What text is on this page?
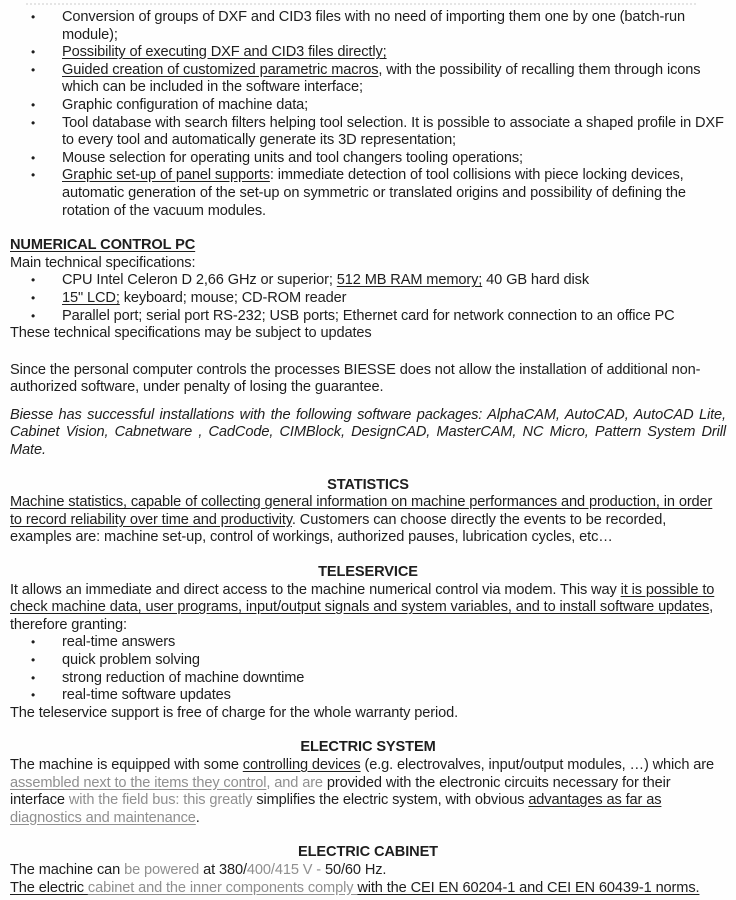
•	Conversion of groups of DXF and CID3 files with no need of importing them one by one (batch-run module);
•	Possibility of executing DXF and CID3 files directly;
•	Guided creation of customized parametric macros, with the possibility of recalling them through icons which can be included in the software interface;
•	Graphic configuration of machine data;
•	Tool database with search filters helping tool selection. It is possible to associate a shaped profile in DXF to every tool and automatically generate its 3D representation;
•	Mouse selection for operating units and tool changers tooling operations;
•	Graphic set-up of panel supports: immediate detection of tool collisions with piece locking devices, automatic generation of the set-up on symmetric or translated origins and possibility of defining the rotation of the vacuum modules.

NUMERICAL CONTROL PC

Main technical specifications:

•	CPU Intel Celeron D 2,66 GHz or superior; 512 MB RAM memory; 40 GB hard disk
•	15" LCD; keyboard; mouse; CD-ROM reader
•	Parallel port; serial port RS-232; USB ports; Ethernet card for network connection to an office PC

These technical specifications may be subject to updates

Since the personal computer controls the processes BIESSE does not allow the installation of additional non-authorized software, under penalty of losing the guarantee.

Biesse has successful installations with the following software packages: AlphaCAM, AutoCAD, AutoCAD Lite, Cabinet Vision, Cabnetware , CadCode, CIMBlock, DesignCAD, MasterCAM, NC Micro, Pattern System Drill Mate.

STATISTICS

Machine statistics, capable of collecting general information on machine performances and production, in order to record reliability over time and productivity. Customers can choose directly the events to be recorded, examples are: machine set-up, control of workings, authorized pauses, lubrication cycles, etc…

TELESERVICE

It allows an immediate and direct access to the machine numerical control via modem. This way it is possible to check machine data, user programs, input/output signals and system variables, and to install software updates, therefore granting:

•	real-time answers
•	quick problem solving
•	strong reduction of machine downtime
•	real-time software updates

The teleservice support is free of charge for the whole warranty period.

ELECTRIC SYSTEM

The machine is equipped with some controlling devices (e.g. electrovalves, input/output modules, …) which are assembled next to the items they control, and are provided with the electronic circuits necessary for their interface with the field bus: this greatly simplifies the electric system, with obvious advantages as far as diagnostics and maintenance.

ELECTRIC CABINET

The machine can be powered at 380/400/415 V - 50/60 Hz.

The electric cabinet and the inner components comply with the CEI EN 60204-1 and CEI EN 60439-1 norms.
